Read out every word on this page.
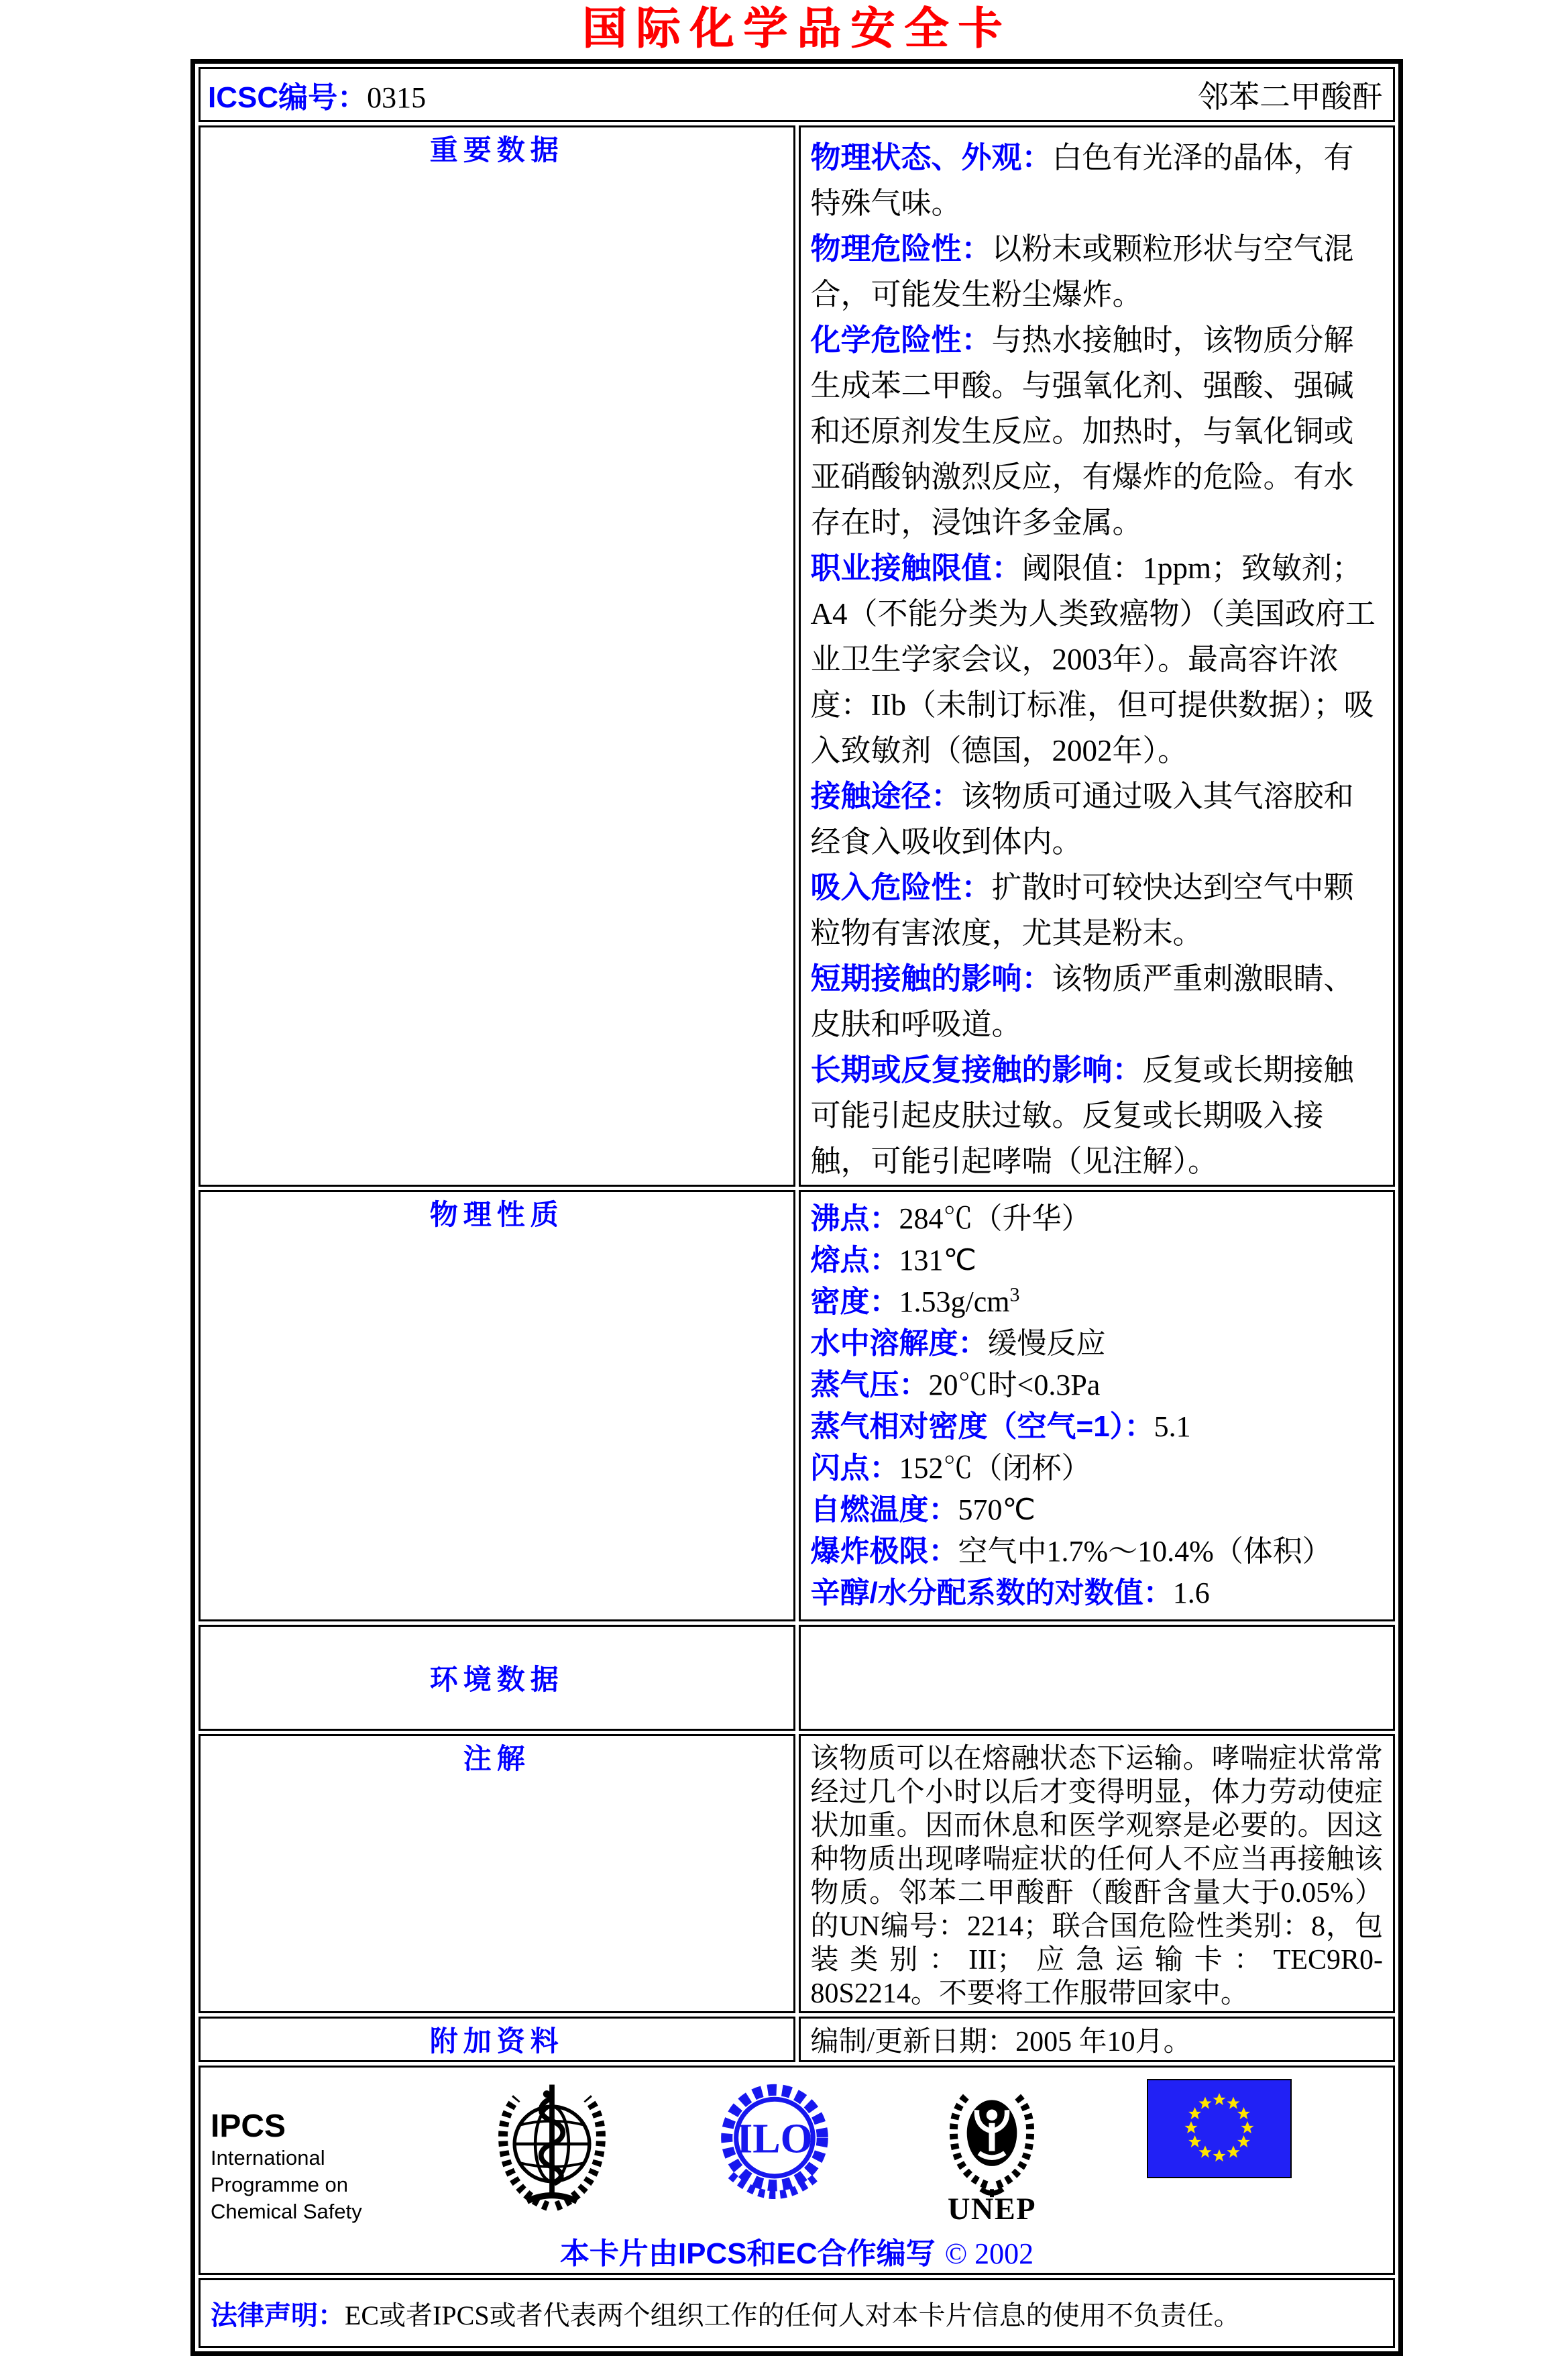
国际化学品安全卡
ICSC编号：0315 邻苯二甲酸酐	

重要数据	物理状态、外观：白色有光泽的晶体，有特殊气味。

物理危险性：以粉末或颗粒形状与空气混合，可能发生粉尘爆炸。

化学危险性：与热水接触时，该物质分解生成苯二甲酸。与强氧化剂、强酸、强碱和还原剂发生反应。加热时，与氧化铜或亚硝酸钠激烈反应，有爆炸的危险。有水存在时，浸蚀许多金属。

职业接触限值：阈限值：1ppm；致敏剂；A4（不能分类为人类致癌物）（美国政府工业卫生学家会议，2003年）。最高容许浓度：IIb（未制订标准，但可提供数据）；吸入致敏剂（德国，2002年）。

接触途径：该物质可通过吸入其气溶胶和经食入吸收到体内。

吸入危险性：扩散时可较快达到空气中颗粒物有害浓度，尤其是粉末。

短期接触的影响：该物质严重刺激眼睛、皮肤和呼吸道。

长期或反复接触的影响：反复或长期接触可能引起皮肤过敏。反复或长期吸入接触，可能引起哮喘（见注解）。

物理性质	沸点：284℃（升华）
熔点：131℃
密度：$1.53g/cm^3$
水中溶解度：缓慢反应
蒸气压：20℃时<0.3Pa
蒸气相对密度（空气=1）：5.1
闪点：152℃（闭杯）
自燃温度：570℃
爆炸极限：空气中1.7%～10.4%（体积）
辛醇/水分配系数的对数值：1.6

环境数据	

注解	该物质可以在熔融状态下运输。哮喘症状常常经过几个小时以后才变得明显，体力劳动使症状加重。因而休息和医学观察是必要的。因这种物质出现哮喘症状的任何人不应当再接触该物质。邻苯二甲酸酐（酸酐含量大于0.05%）的UN编号：2214；联合国危险性类别：8，包装类别：III；应急运输卡：TEC9R0-80S2214。不要将工作服带回家中。

附加资料	编制/更新日期：2005 年10月。

IPCS
International
Programme on
Chemical Safety
ILO
UNEP
本卡片由IPCS和EC合作编写 © 2002

法律声明：EC或者IPCS或者代表两个组织工作的任何人对本卡片信息的使用不负责任。	
